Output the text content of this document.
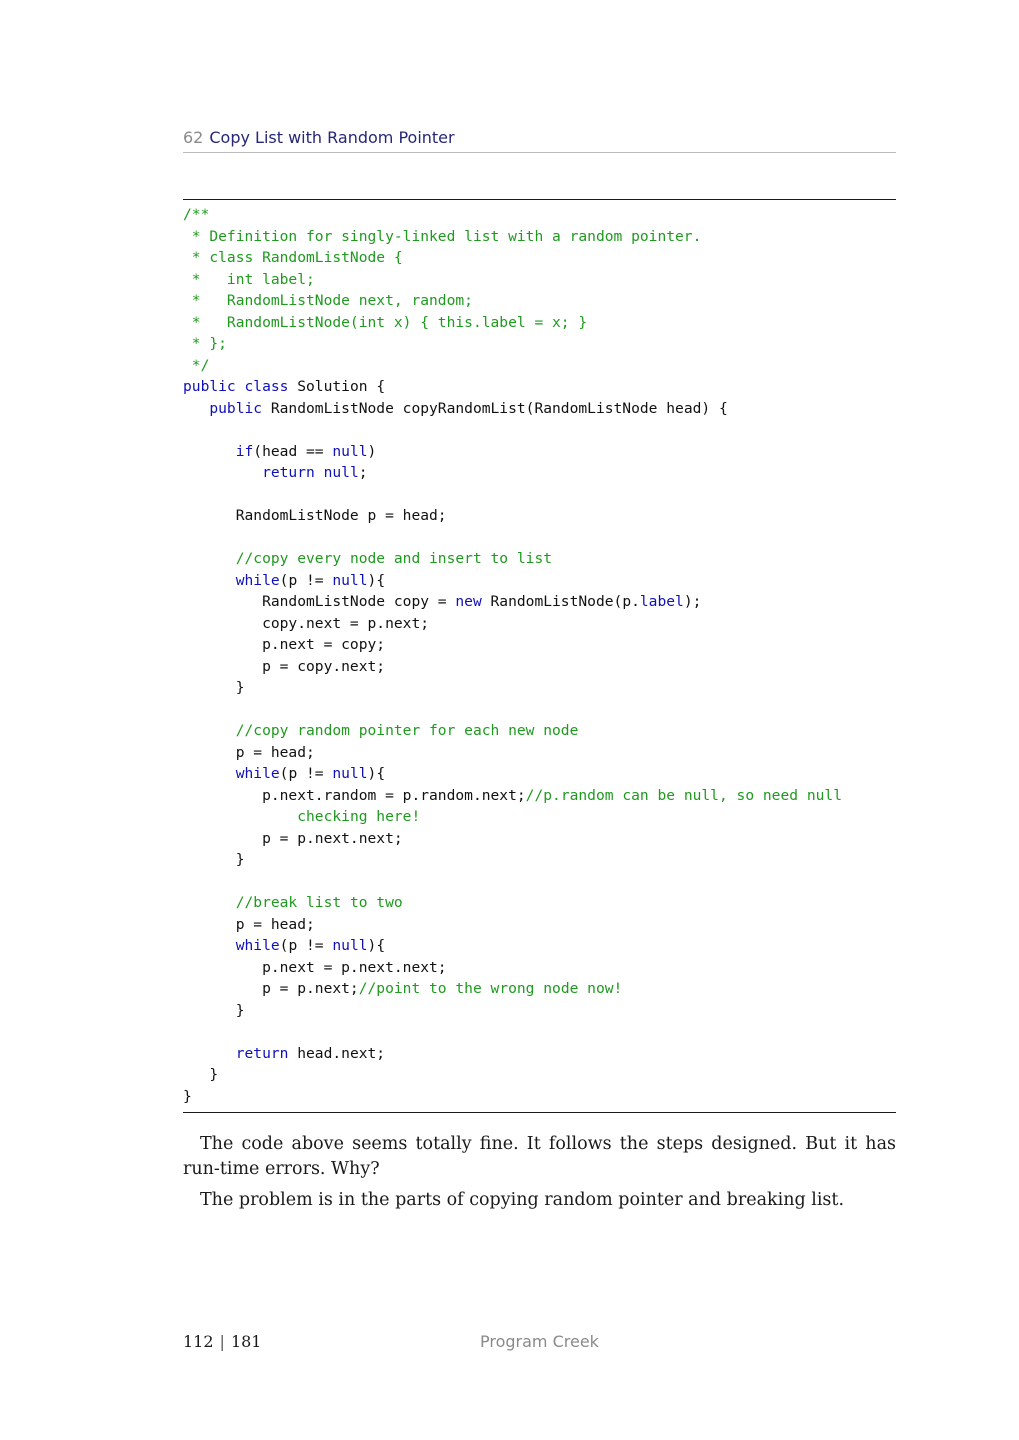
62 Copy List with Random Pointer
/**
* Definition for singly-linked list with a random pointer.
* class RandomListNode {
*   int label;
*   RandomListNode next, random;
*   RandomListNode(int x) { this.label = x; }
* };
*/
public class Solution {
public RandomListNode copyRandomList(RandomListNode head) {
if(head == null)
return null;
RandomListNode p = head;
//copy every node and insert to list
while(p != null){
RandomListNode copy = new RandomListNode(p.label);
copy.next = p.next;
p.next = copy;
p = copy.next;
}
//copy random pointer for each new node
p = head;
while(p != null){
p.next.random = p.random.next;//p.random can be null, so need null
checking here!
p = p.next.next;
}
//break list to two
p = head;
while(p != null){
p.next = p.next.next;
p = p.next;//point to the wrong node now!
}
return head.next;
}
}

The code above seems totally fine. It follows the steps designed. But it has run-time errors. Why?

The problem is in the parts of copying random pointer and breaking list.

112 | 181	Program Creek
